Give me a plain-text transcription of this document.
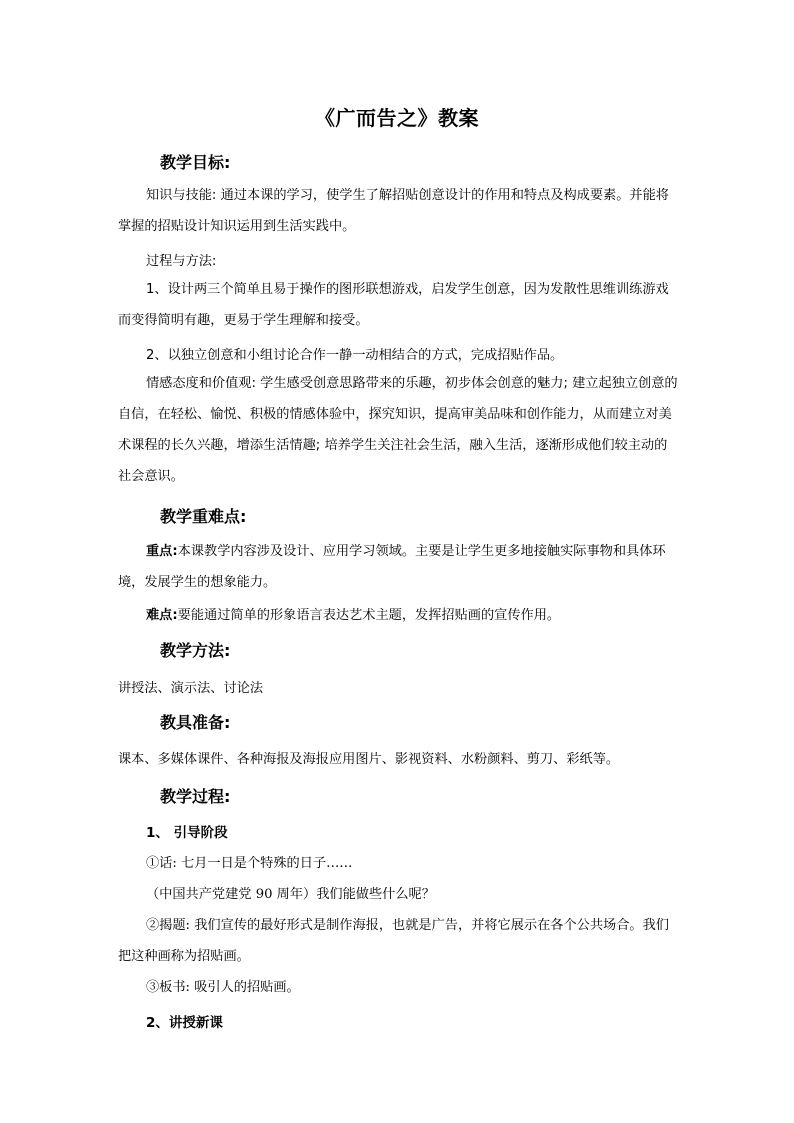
《广而告之》教案
教学目标:
知识与技能: 通过本课的学习，使学生了解招贴创意设计的作用和特点及构成要素。并能将掌握的招贴设计知识运用到生活实践中。
过程与方法:
1、设计两三个简单且易于操作的图形联想游戏，启发学生创意，因为发散性思维训练游戏而变得简明有趣，更易于学生理解和接受。
2、以独立创意和小组讨论合作一静一动相结合的方式，完成招贴作品。
情感态度和价值观: 学生感受创意思路带来的乐趣，初步体会创意的魅力; 建立起独立创意的自信，在轻松、愉悦、积极的情感体验中，探究知识，提高审美品味和创作能力，从而建立对美术课程的长久兴趣，增添生活情趣; 培养学生关注社会生活，融入生活，逐渐形成他们较主动的社会意识。
教学重难点:
重点:本课教学内容涉及设计、应用学习领域。主要是让学生更多地接触实际事物和具体环境，发展学生的想象能力。
难点:要能通过简单的形象语言表达艺术主题，发挥招贴画的宣传作用。
教学方法:
讲授法、演示法、讨论法
教具准备:
课本、多媒体课件、各种海报及海报应用图片、影视资料、水粉颜料、剪刀、彩纸等。
教学过程:
1、 引导阶段
①话: 七月一日是个特殊的日子……
（中国共产党建党 90 周年）我们能做些什么呢？
②揭题: 我们宣传的最好形式是制作海报，也就是广告，并将它展示在各个公共场合。我们把这种画称为招贴画。
③板书: 吸引人的招贴画。
2、讲授新课
